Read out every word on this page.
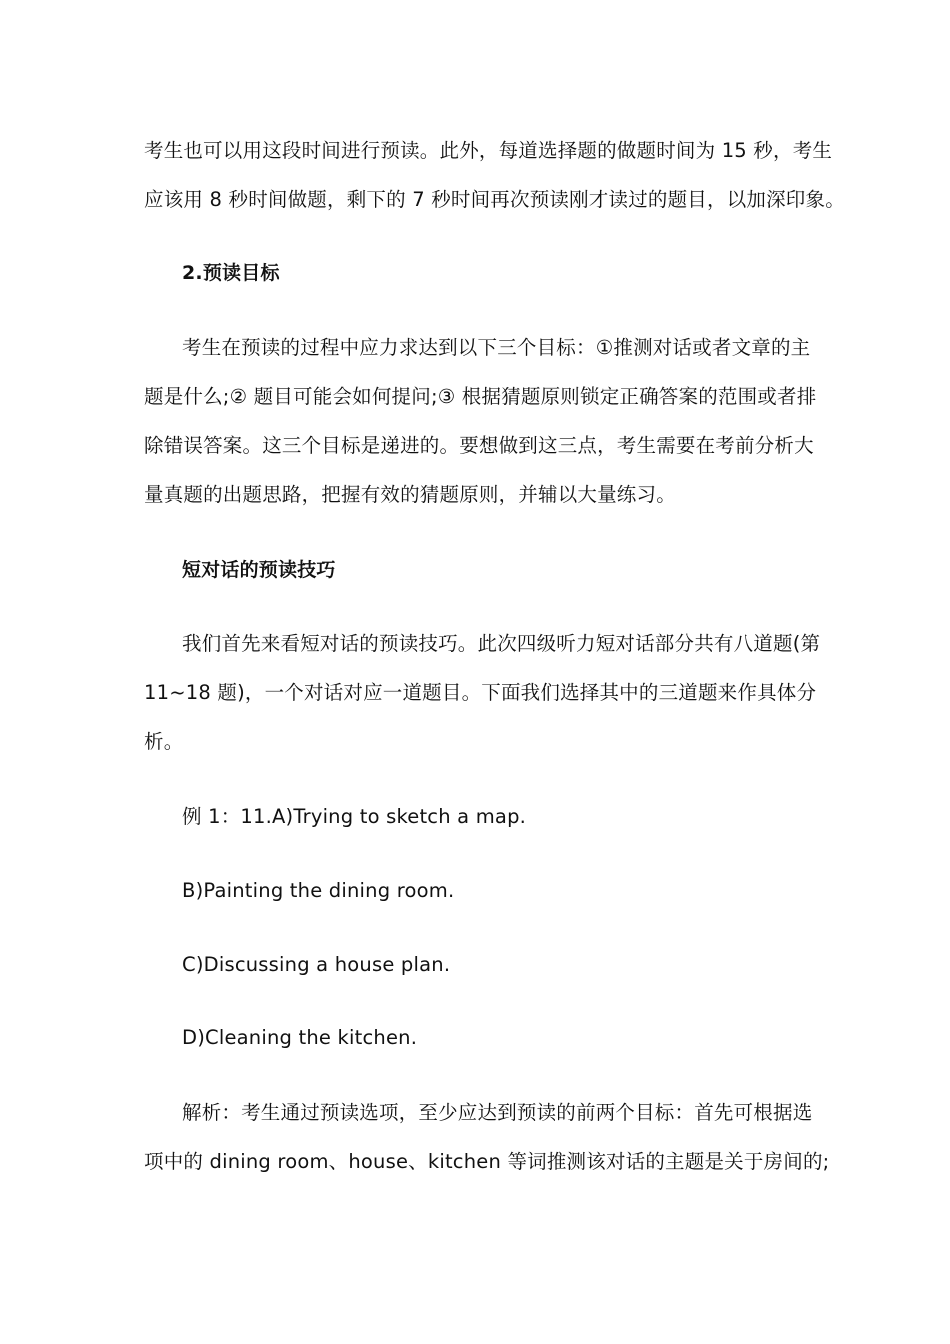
考生也可以用这段时间进行预读。此外，每道选择题的做题时间为 15 秒，考生
应该用 8 秒时间做题，剩下的 7 秒时间再次预读刚才读过的题目，以加深印象。

2.预读目标

考生在预读的过程中应力求达到以下三个目标：①推测对话或者文章的主
题是什么;② 题目可能会如何提问;③ 根据猜题原则锁定正确答案的范围或者排
除错误答案。这三个目标是递进的。要想做到这三点，考生需要在考前分析大
量真题的出题思路，把握有效的猜题原则，并辅以大量练习。

短对话的预读技巧

我们首先来看短对话的预读技巧。此次四级听力短对话部分共有八道题(第
11~18 题)，一个对话对应一道题目。下面我们选择其中的三道题来作具体分
析。

例 1：11.A)Trying to sketch a map.

B)Painting the dining room.

C)Discussing a house plan.

D)Cleaning the kitchen.

解析：考生通过预读选项，至少应达到预读的前两个目标：首先可根据选
项中的 dining room、house、kitchen 等词推测该对话的主题是关于房间的;
